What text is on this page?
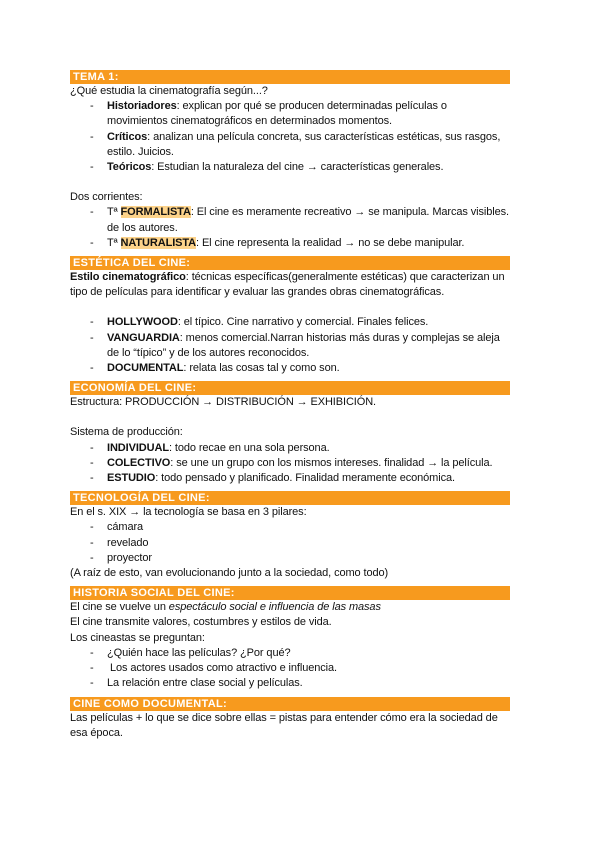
TEMA 1:

¿Qué estudia la cinematografía según...?

- Historiadores: explican por qué se producen determinadas películas o movimientos cinematográficos en determinados momentos.
- Críticos: analizan una película concreta, sus características estéticas, sus rasgos, estilo. Juicios.
- Teóricos: Estudian la naturaleza del cine → características generales.

Dos corrientes:

- Tª FORMALISTA: El cine es meramente recreativo → se manipula. Marcas visibles. de los autores.
- Tª NATURALISTA: El cine representa la realidad → no se debe manipular.
ESTÉTICA DEL CINE:

Estilo cinematográfico: técnicas específicas(generalmente estéticas) que caracterizan un tipo de películas para identificar y evaluar las grandes obras cinematográficas.

- HOLLYWOOD: el típico. Cine narrativo y comercial. Finales felices.
- VANGUARDIA: menos comercial.Narran historias más duras y complejas se aleja de lo “típico” y de los autores reconocidos.
- DOCUMENTAL: relata las cosas tal y como son.
ECONOMÍA DEL CINE:

Estructura: PRODUCCIÓN → DISTRIBUCIÓN → EXHIBICIÓN.

Sistema de producción:

- INDIVIDUAL: todo recae en una sola persona.
- COLECTIVO: se une un grupo con los mismos intereses. finalidad → la película.
- ESTUDIO: todo pensado y planificado. Finalidad meramente económica.
TECNOLOGÍA DEL CINE:

En el s. XIX → la tecnología se basa en 3 pilares:

- cámara
- revelado
- proyector

(A raíz de esto, van evolucionando junto a la sociedad, como todo)

HISTORIA SOCIAL DEL CINE:

El cine se vuelve un espectáculo social e influencia de las masas

El cine transmite valores, costumbres y estilos de vida.

Los cineastas se preguntan:

- ¿Quién hace las películas? ¿Por qué?
- Los actores usados como atractivo e influencia.
- La relación entre clase social y películas.
CINE COMO DOCUMENTAL:

Las películas + lo que se dice sobre ellas = pistas para entender cómo era la sociedad de esa época.
